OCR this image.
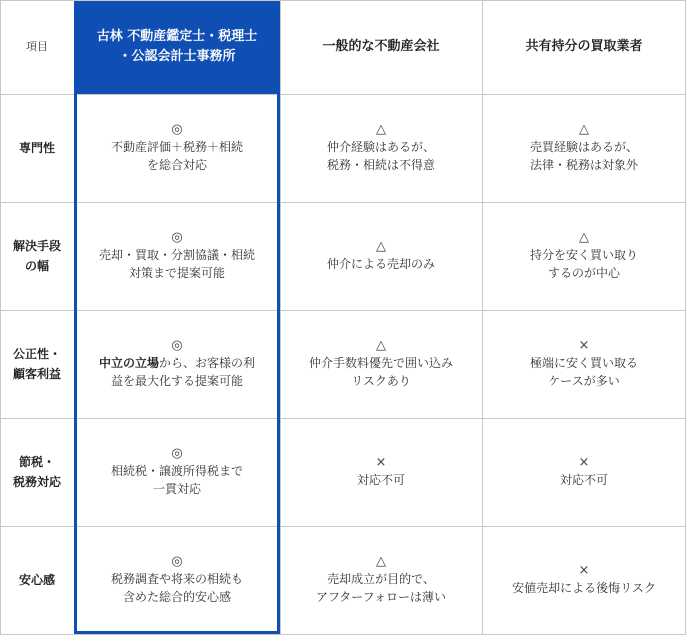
項目
古林 不動産鑑定士・税理士
・公認会計士事務所
一般的な不動産会社	共有持分の買取業者
専門性
◎
不動産評価＋税務＋相続
を総合対応
△
仲介経験はあるが、
税務・相続は不得意
△
売買経験はあるが、
法律・税務は対象外
解決手段
の幅
◎
売却・買取・分割協議・相続
対策まで提案可能
△
仲介による売却のみ
△
持分を安く買い取り
するのが中心
公正性・
顧客利益
◎
中立の立場から、お客様の利
益を最大化する提案可能
△
仲介手数料優先で囲い込み
リスクあり
×
極端に安く買い取る
ケースが多い
節税・
税務対応
◎
相続税・譲渡所得税まで
一貫対応
×
対応不可
×
対応不可
安心感
◎
税務調査や将来の相続も
含めた総合的安心感
△
売却成立が目的で、
アフターフォローは薄い
×
安値売却による後悔リスク
